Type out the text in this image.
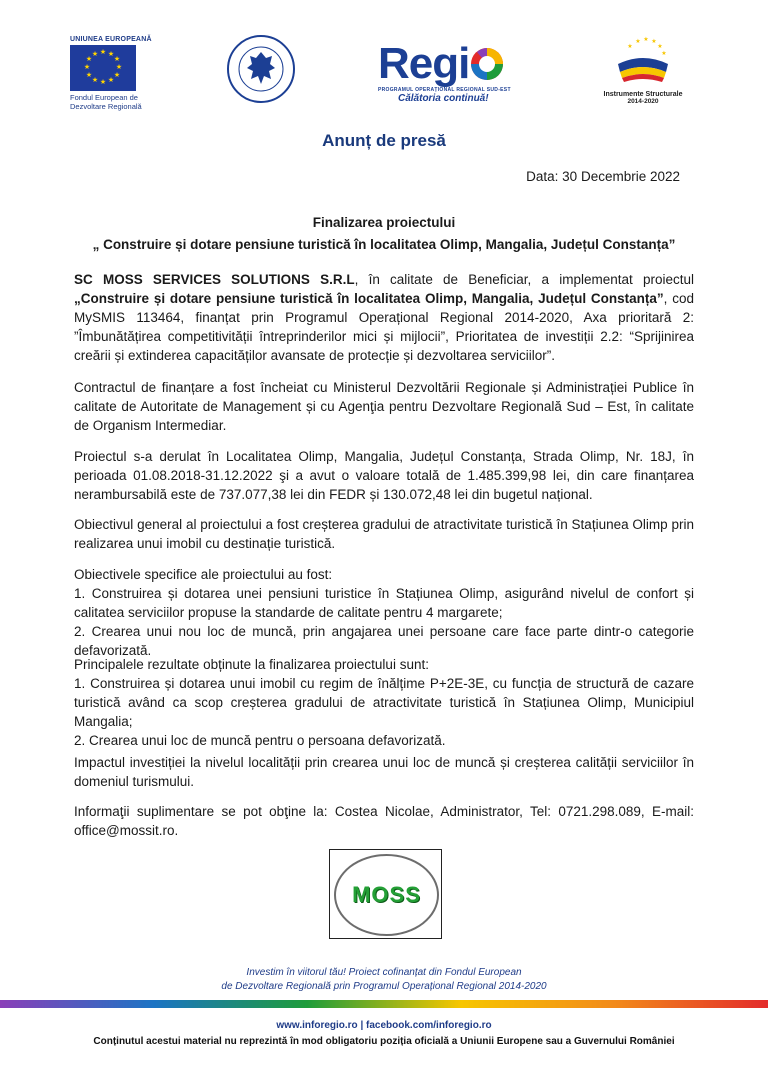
UNIUNEA EUROPEANĂ
★ ★
★
★
★
★
★
★
★
★
★
★
Fondul European de
Dezvoltare Regională
Regi
PROGRAMUL OPERAȚIONAL REGIONAL SUD-EST
Călătoria continuă!
★
★ ★ ★
★
★
Instrumente Structurale
2014-2020
Anunț de presă
Data: 30 Decembrie 2022
Finalizarea proiectului
„ Construire și dotare pensiune turistică în localitatea Olimp, Mangalia, Județul Constanța”

SC MOSS SERVICES SOLUTIONS S.R.L, în calitate de Beneficiar, a implementat proiectul „Construire și dotare pensiune turistică în localitatea Olimp, Mangalia, Județul Constanța”, cod MySMIS 113464, finanțat prin Programul Operațional Regional 2014-2020, Axa prioritară 2: ”Îmbunătățirea competitivității întreprinderilor mici și mijlocii”, Prioritatea de investiții 2.2: “Sprijinirea creării și extinderea capacităților avansate de protecție și dezvoltarea serviciilor”.

Contractul de finanțare a fost încheiat cu Ministerul Dezvoltării Regionale și Administrației Publice în calitate de Autoritate de Management și cu Agenţia pentru Dezvoltare Regională Sud – Est, în calitate de Organism Intermediar.

Proiectul s-a derulat în Localitatea Olimp, Mangalia, Județul Constanța, Strada Olimp, Nr. 18J, în perioada 01.08.2018-31.12.2022 şi a avut o valoare totală de 1.485.399,98 lei, din care finanțarea nerambursabilă este de 737.077,38 lei din FEDR și 130.072,48 lei din bugetul național.

Obiectivul general al proiectului a fost creșterea gradului de atractivitate turistică în Stațiunea Olimp prin realizarea unui imobil cu destinație turistică.

Obiectivele specifice ale proiectului au fost:

1. Construirea și dotarea unei pensiuni turistice în Stațiunea Olimp, asigurând nivelul de confort și calitatea serviciilor propuse la standarde de calitate pentru 4 margarete;

2. Crearea unui nou loc de muncă, prin angajarea unei persoane care face parte dintr-o categorie defavorizată.

Principalele rezultate obținute la finalizarea proiectului sunt:

1. Construirea și dotarea unui imobil cu regim de înălțime P+2E-3E, cu funcția de structură de cazare turistică având ca scop creșterea gradului de atractivitate turistică în Stațiunea Olimp, Municipiul Mangalia;

2. Crearea unui loc de muncă pentru o persoana defavorizată.

Impactul investiției la nivelul localității prin crearea unui loc de muncă și creșterea calității serviciilor în domeniul turismului.

Informaţii suplimentare se pot obţine la: Costea Nicolae, Administrator, Tel: 0721.298.089, E-mail: office@mossit.ro.

MOSS
Investim în viitorul tău! Proiect cofinanțat din Fondul European
de Dezvoltare Regională prin Programul Operațional Regional 2014-2020
www.inforegio.ro | facebook.com/inforegio.ro
Conținutul acestui material nu reprezintă în mod obligatoriu poziția oficială a Uniunii Europene sau a Guvernului României
